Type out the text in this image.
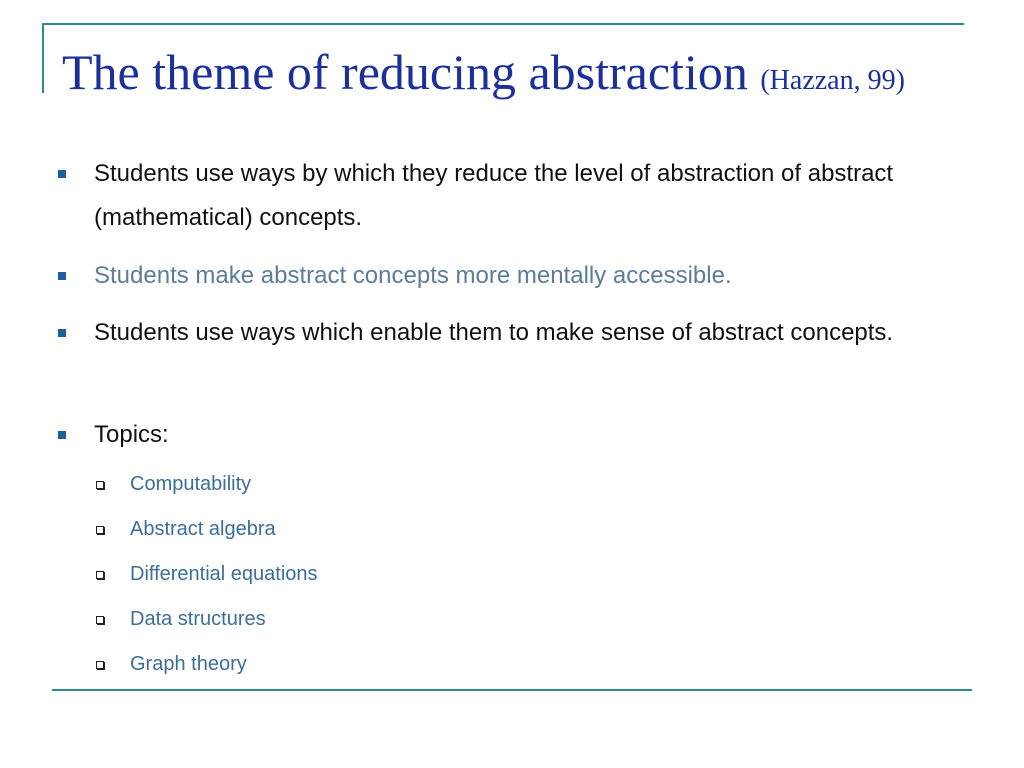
The theme of reducing abstraction (Hazzan, 99)
Students use ways by which they reduce the level of abstraction of abstract (mathematical) concepts.
Students make abstract concepts more mentally accessible.
Students use ways which enable them to make sense of abstract concepts.
Topics:
Computability
Abstract algebra
Differential equations
Data structures
Graph theory
